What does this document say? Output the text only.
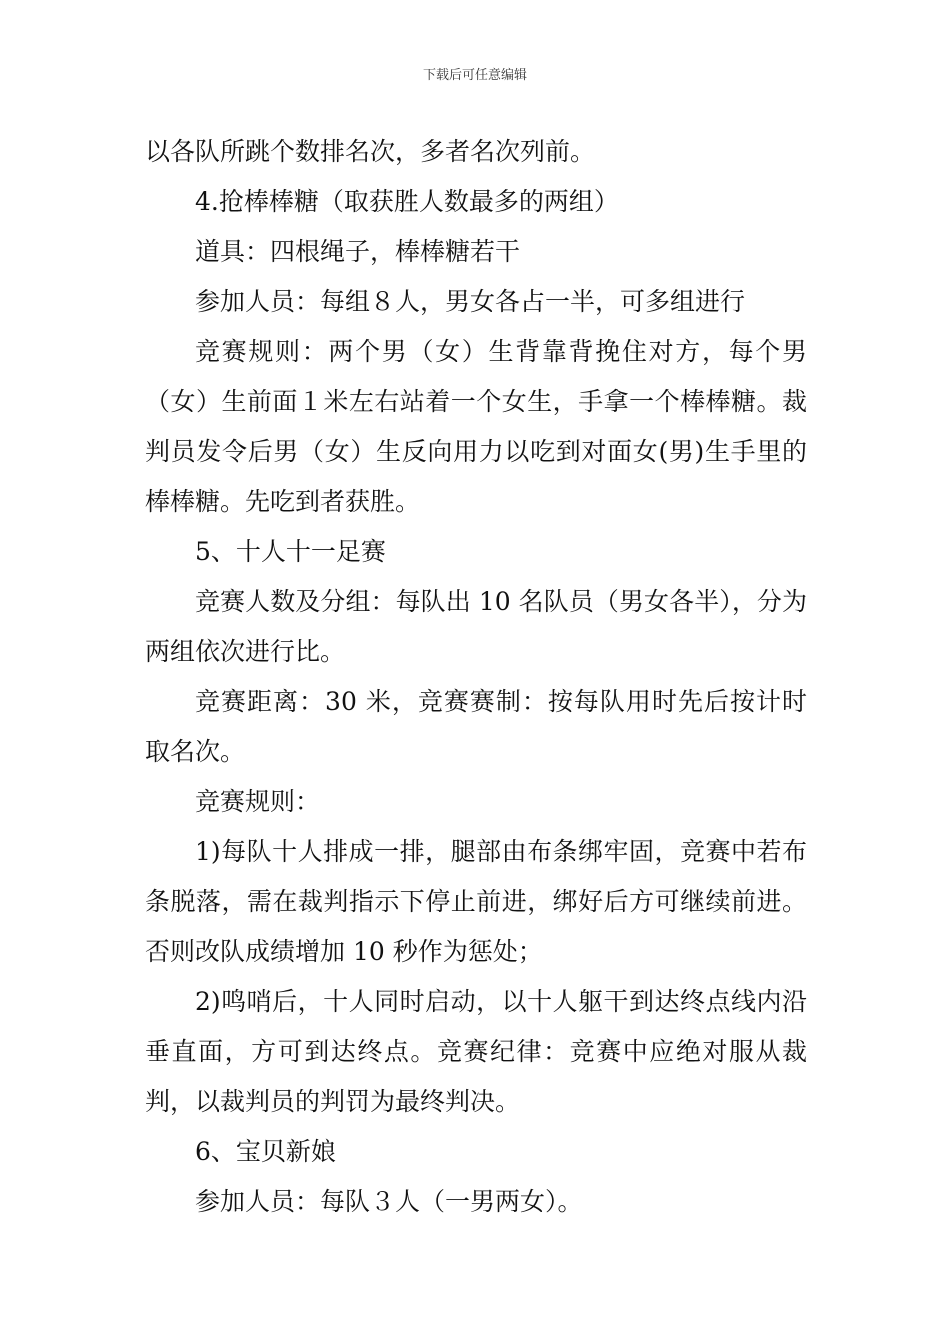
下载后可任意编辑

以各队所跳个数排名次，多者名次列前。

4.抢棒棒糖（取获胜人数最多的两组）

道具：四根绳子，棒棒糖若干

参加人员：每组８人，男女各占一半，可多组进行

竞赛规则：两个男（女）生背靠背挽住对方，每个男（女）生前面１米左右站着一个女生，手拿一个棒棒糖。裁判员发令后男（女）生反向用力以吃到对面女(男)生手里的棒棒糖。先吃到者获胜。

5、十人十一足赛

竞赛人数及分组：每队出 10 名队员（男女各半），分为两组依次进行比。

竞赛距离：30 米，竞赛赛制：按每队用时先后按计时取名次。

竞赛规则：

1)每队十人排成一排，腿部由布条绑牢固，竞赛中若布条脱落，需在裁判指示下停止前进，绑好后方可继续前进。否则改队成绩增加 10 秒作为惩处；

2)鸣哨后，十人同时启动，以十人躯干到达终点线内沿垂直面，方可到达终点。竞赛纪律：竞赛中应绝对服从裁判，以裁判员的判罚为最终判决。

6、宝贝新娘

参加人员：每队３人（一男两女）。
